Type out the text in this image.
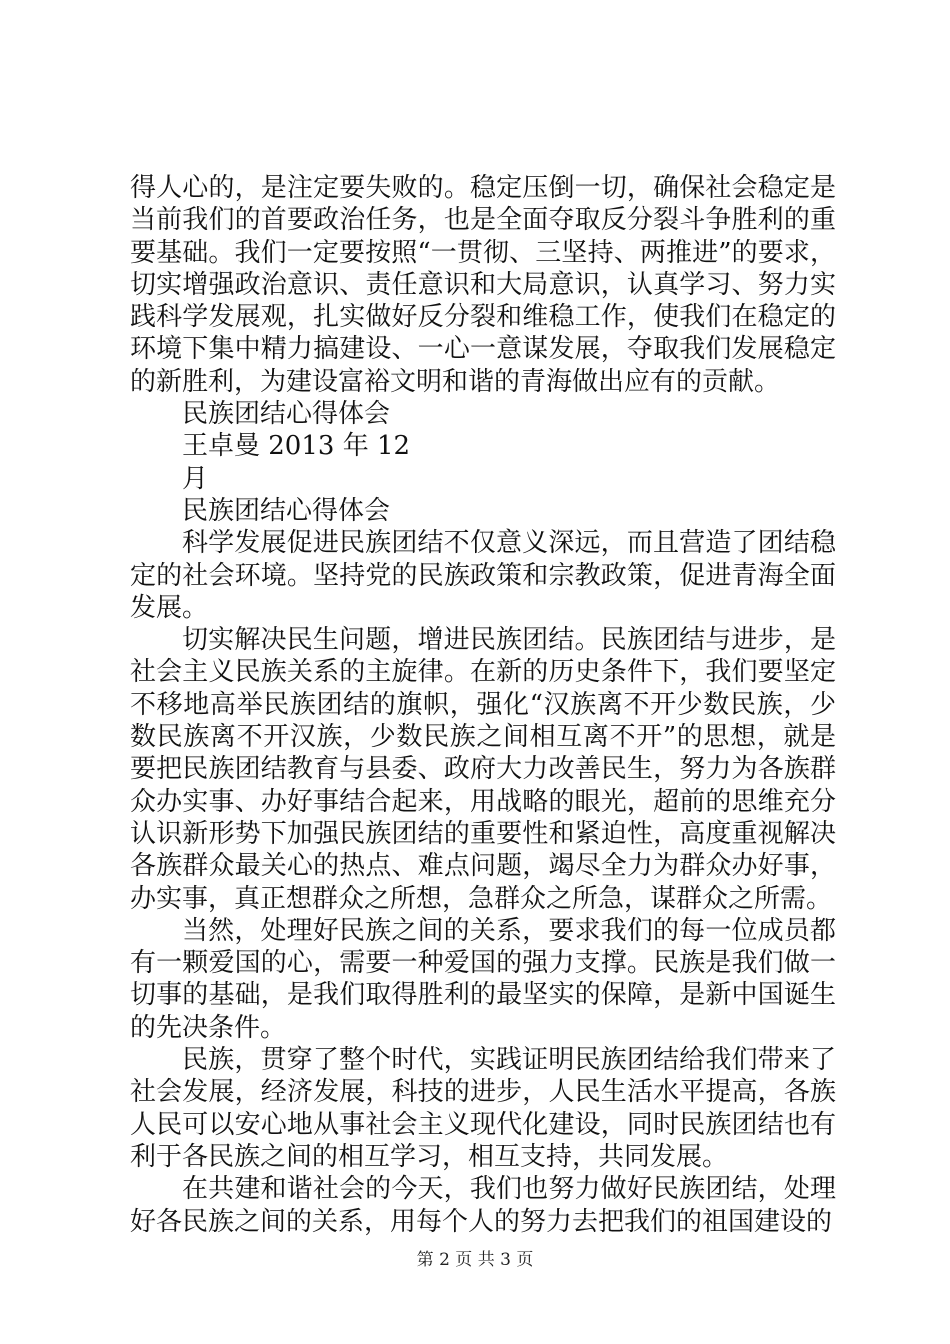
得人心的，是注定要失败的。稳定压倒一切，确保社会稳定是当前我们的首要政治任务，也是全面夺取反分裂斗争胜利的重要基础。我们一定要按照“一贯彻、三坚持、两推进”的要求，切实增强政治意识、责任意识和大局意识，认真学习、努力实践科学发展观，扎实做好反分裂和维稳工作，使我们在稳定的环境下集中精力搞建设、一心一意谋发展，夺取我们发展稳定的新胜利，为建设富裕文明和谐的青海做出应有的贡献。

民族团结心得体会

王卓曼 2013 年 12

月

民族团结心得体会

科学发展促进民族团结不仅意义深远，而且营造了团结稳定的社会环境。坚持党的民族政策和宗教政策，促进青海全面发展。

切实解决民生问题，增进民族团结。民族团结与进步，是社会主义民族关系的主旋律。在新的历史条件下，我们要坚定不移地高举民族团结的旗帜，强化“汉族离不开少数民族，少数民族离不开汉族，少数民族之间相互离不开”的思想，就是要把民族团结教育与县委、政府大力改善民生，努力为各族群众办实事、办好事结合起来，用战略的眼光，超前的思维充分认识新形势下加强民族团结的重要性和紧迫性，高度重视解决各族群众最关心的热点、难点问题，竭尽全力为群众办好事，办实事，真正想群众之所想，急群众之所急，谋群众之所需。

当然，处理好民族之间的关系，要求我们的每一位成员都有一颗爱国的心，需要一种爱国的强力支撑。民族是我们做一切事的基础，是我们取得胜利的最坚实的保障，是新中国诞生的先决条件。

民族，贯穿了整个时代，实践证明民族团结给我们带来了社会发展，经济发展，科技的进步，人民生活水平提高，各族人民可以安心地从事社会主义现代化建设，同时民族团结也有利于各民族之间的相互学习，相互支持，共同发展。

在共建和谐社会的今天，我们也努力做好民族团结，处理好各民族之间的关系，用每个人的努力去把我们的祖国建设的

第 2 页 共 3 页
